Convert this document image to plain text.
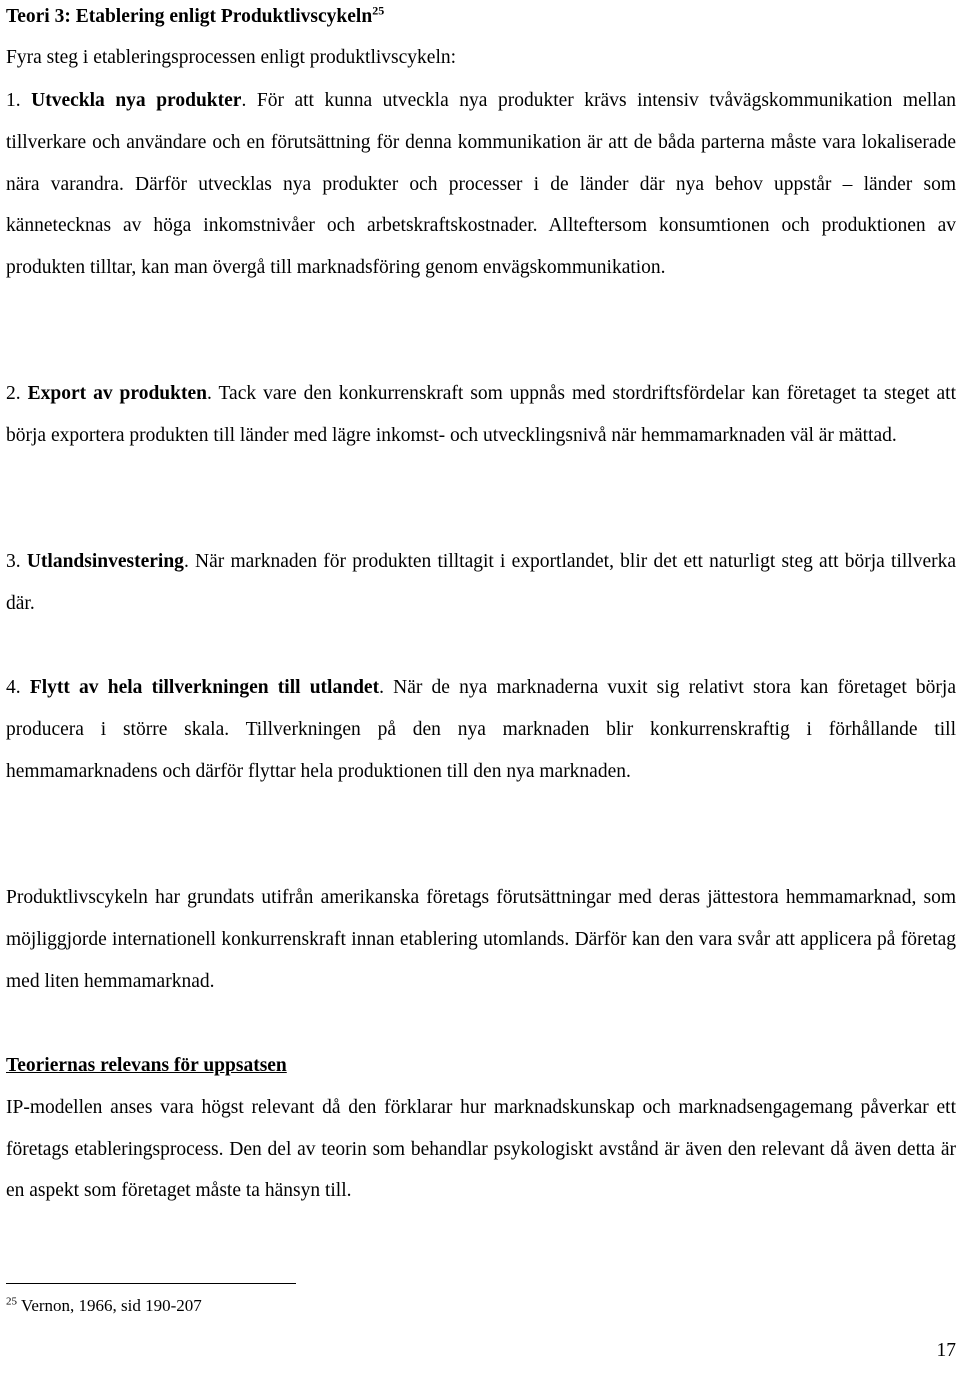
Teori 3: Etablering enligt Produktlivscykeln$^{25}$

Fyra steg i etableringsprocessen enligt produktlivscykeln:

1. Utveckla nya produkter. För att kunna utveckla nya produkter krävs intensiv tvåvägskommunikation mellan tillverkare och användare och en förutsättning för denna kommunikation är att de båda parterna måste vara lokaliserade nära varandra. Därför utvecklas nya produkter och processer i de länder där nya behov uppstår – länder som kännetecknas av höga inkomstnivåer och arbetskraftskostnader. Allteftersom konsumtionen och produktionen av produkten tilltar, kan man övergå till marknadsföring genom envägskommunikation.

2. Export av produkten. Tack vare den konkurrenskraft som uppnås med stordriftsfördelar kan företaget ta steget att börja exportera produkten till länder med lägre inkomst- och utvecklingsnivå när hemmamarknaden väl är mättad.

3. Utlandsinvestering. När marknaden för produkten tilltagit i exportlandet, blir det ett naturligt steg att börja tillverka där.

4. Flytt av hela tillverkningen till utlandet. När de nya marknaderna vuxit sig relativt stora kan företaget börja producera i större skala. Tillverkningen på den nya marknaden blir konkurrenskraftig i förhållande till hemmamarknadens och därför flyttar hela produktionen till den nya marknaden.

Produktlivscykeln har grundats utifrån amerikanska företags förutsättningar med deras jättestora hemmamarknad, som möjliggjorde internationell konkurrenskraft innan etablering utomlands. Därför kan den vara svår att applicera på företag med liten hemmamarknad.

Teoriernas relevans för uppsatsen

IP-modellen anses vara högst relevant då den förklarar hur marknadskunskap och marknadsengagemang påverkar ett företags etableringsprocess. Den del av teorin som behandlar psykologiskt avstånd är även den relevant då även detta är en aspekt som företaget måste ta hänsyn till.

$^{25}$ Vernon, 1966, sid 190-207

17
